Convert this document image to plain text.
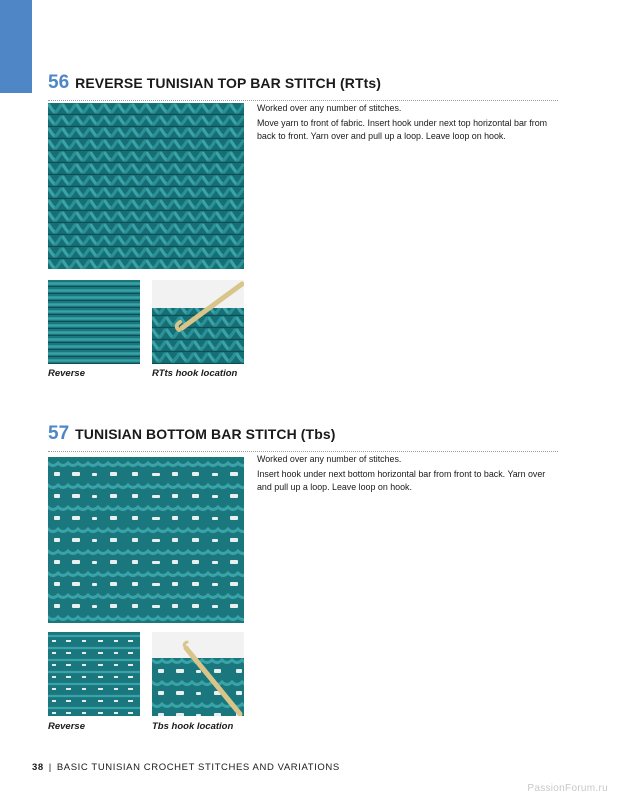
56 REVERSE TUNISIAN TOP BAR STITCH (RTts)
Reverse	RTts hook location

Worked over any number of stitches.

Move yarn to front of fabric. Insert hook under next top horizontal bar from back to front. Yarn over and pull up a loop. Leave loop on hook.

57 TUNISIAN BOTTOM BAR STITCH (Tbs)
Reverse	Tbs hook location

Worked over any number of stitches.

Insert hook under next bottom horizontal bar from front to back. Yarn over and pull up a loop. Leave loop on hook.

38 | BASIC TUNISIAN CROCHET STITCHES AND VARIATIONS
PassionForum.ru
